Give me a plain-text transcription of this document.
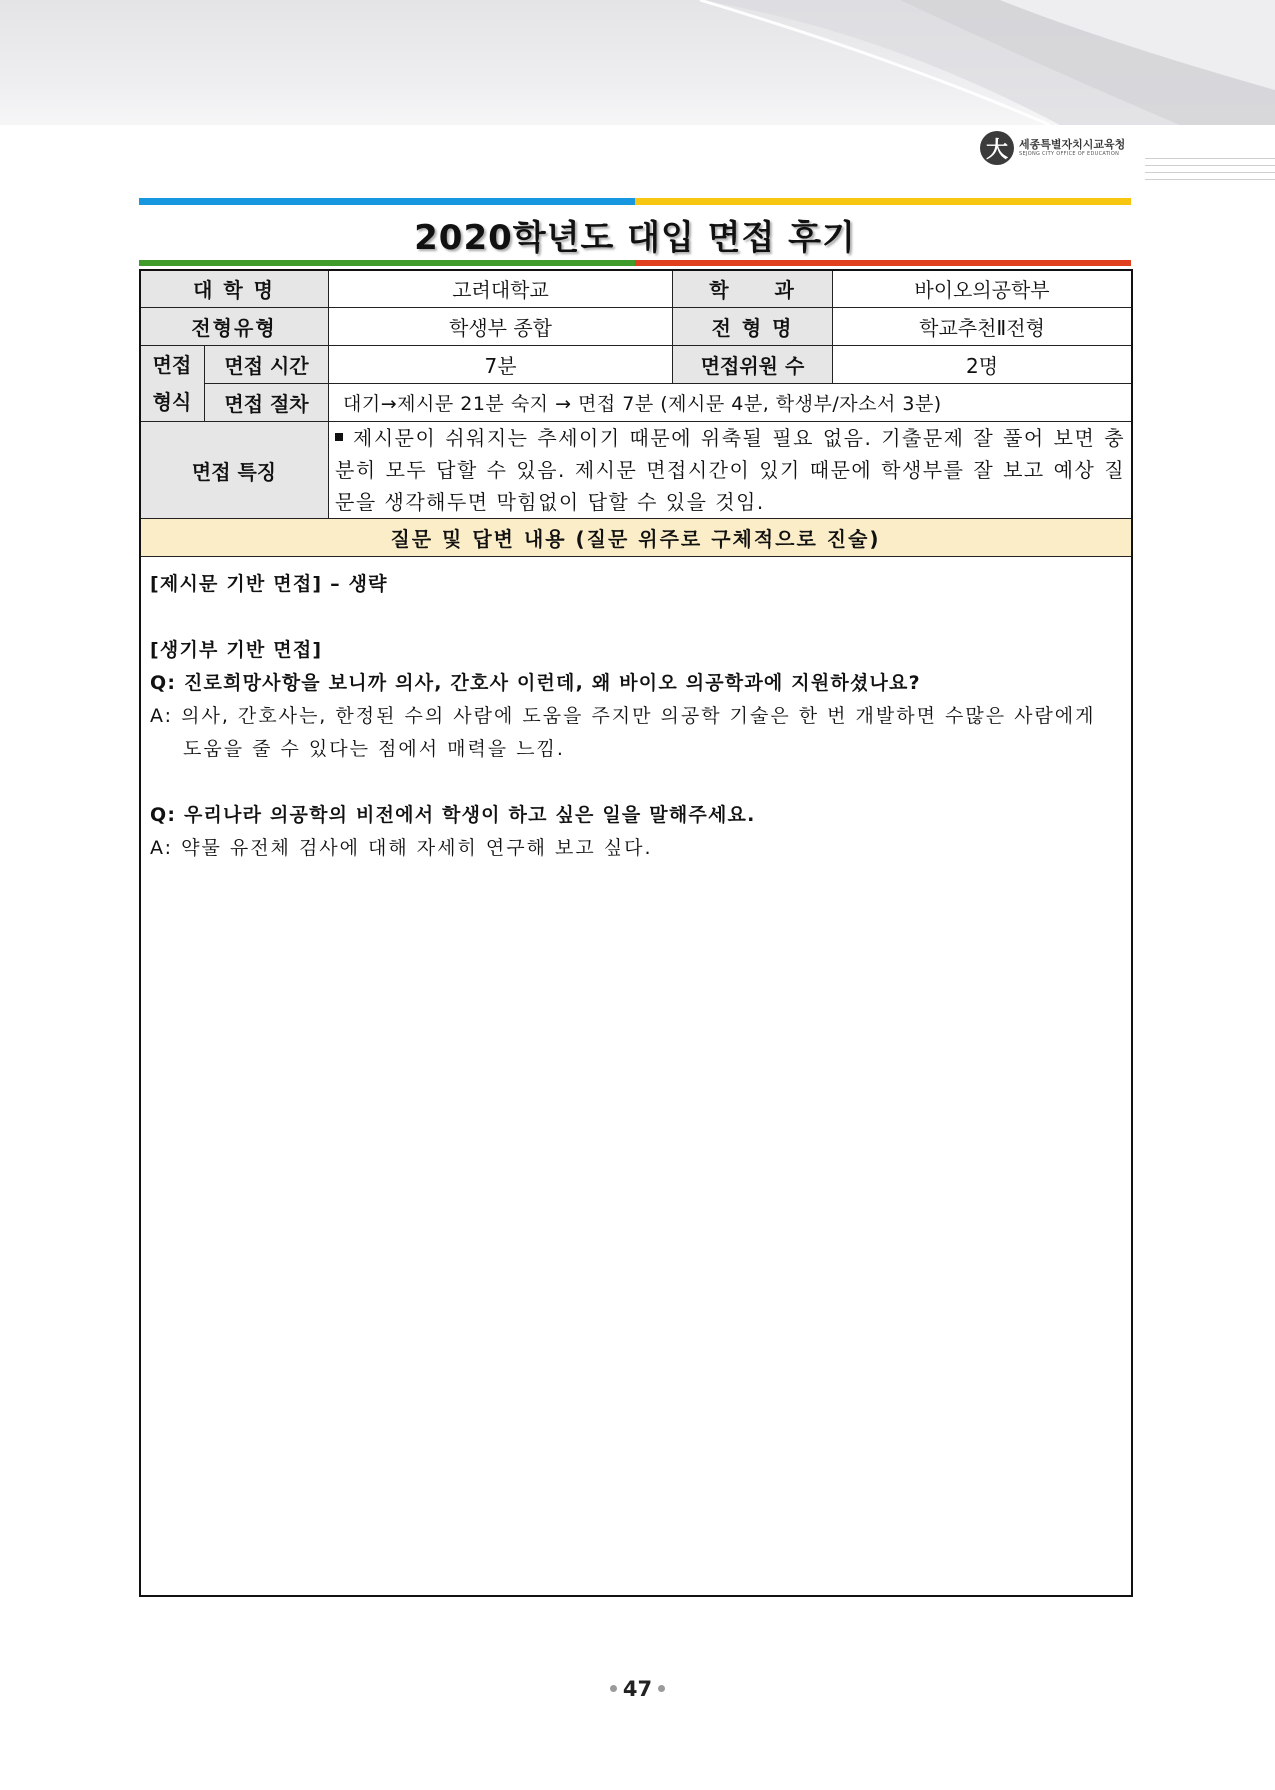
大	세종특별자치시교육청
SEJONG CITY OFFICE OF EDUCATION
2020학년도 대입 면접 후기
대 학 명		고려대학교	학　　과	바이오의공학부
전형유형		학생부 종합	전 형 명	학교추천Ⅱ전형

면접
형식	면접 시간	7분	면접위원 수	2명
	면접 절차	대기→제시문 21분 숙지 → 면접 7분 (제시문 4분, 학생부/자소서 3분)		
면접 특징		제시문이 쉬워지는 추세이기 때문에 위축될 필요 없음. 기출문제 잘 풀어 보면 충분히 모두 답할 수 있음. 제시문 면접시간이 있기 때문에 학생부를 잘 보고 예상 질문을 생각해두면 막힘없이 답할 수 있을 것임.		
질문 및 답변 내용 (질문 위주로 구체적으로 진술)				

[제시문 기반 면접] – 생략

[생기부 기반 면접]

Q: 진로희망사항을 보니까 의사, 간호사 이런데, 왜 바이오 의공학과에 지원하셨나요?

A: 의사, 간호사는, 한정된 수의 사람에 도움을 주지만 의공학 기술은 한 번 개발하면 수많은 사람에게 도움을 줄 수 있다는 점에서 매력을 느낌.

Q: 우리나라 의공학의 비전에서 학생이 하고 싶은 일을 말해주세요.

A: 약물 유전체 검사에 대해 자세히 연구해 보고 싶다.

47
